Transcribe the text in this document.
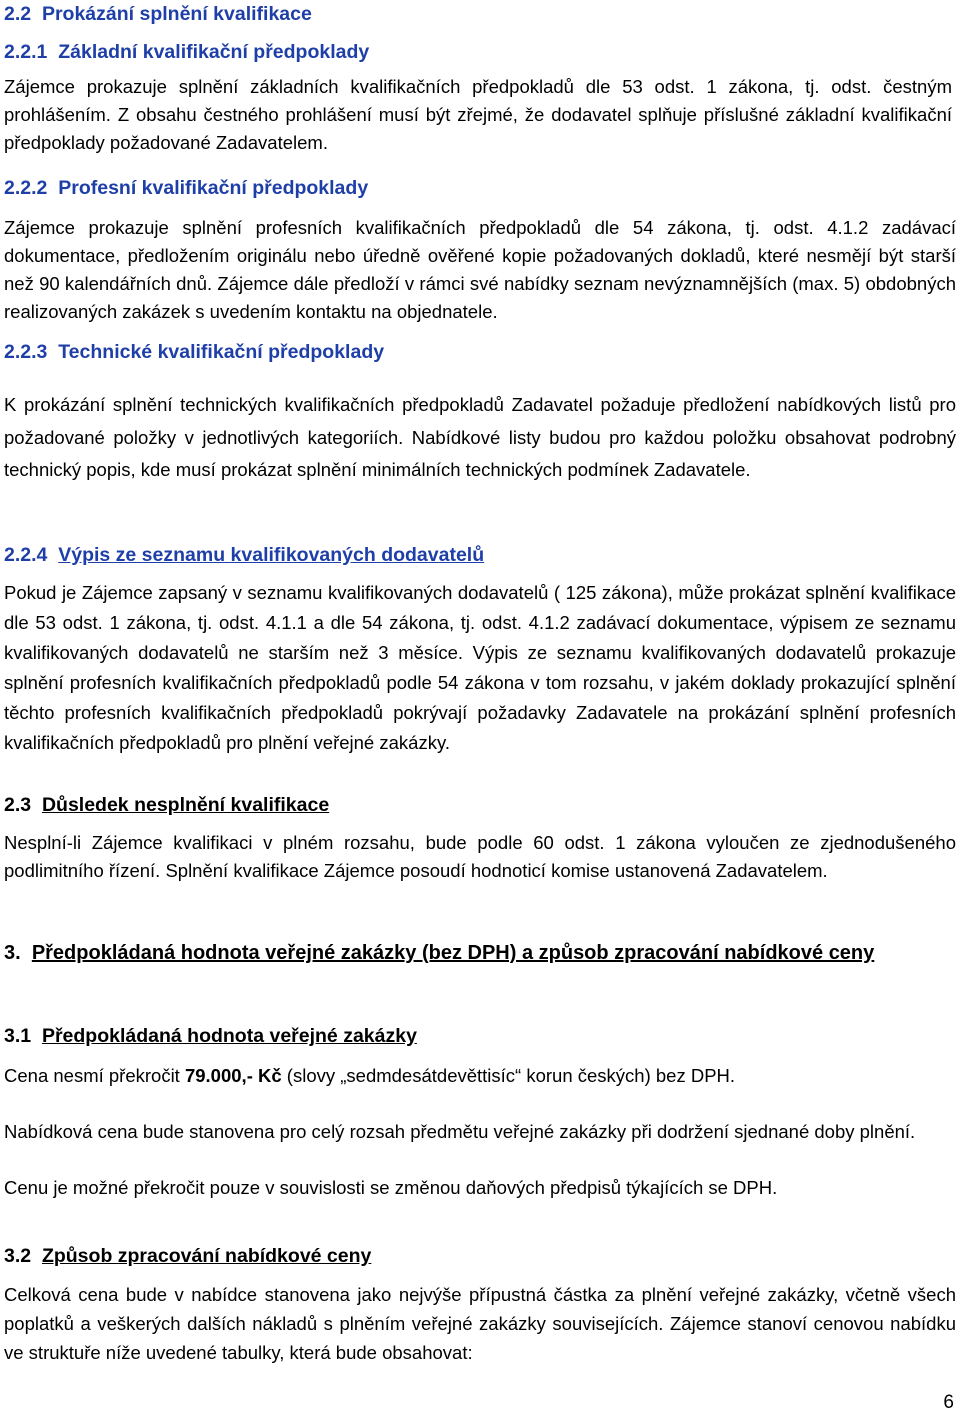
2.2 Prokázání splnění kvalifikace
2.2.1 Základní kvalifikační předpoklady

Zájemce prokazuje splnění základních kvalifikačních předpokladů dle 53 odst. 1 zákona, tj. odst. čestným prohlášením. Z obsahu čestného prohlášení musí být zřejmé, že dodavatel splňuje příslušné základní kvalifikační předpoklady požadované Zadavatelem.

2.2.2 Profesní kvalifikační předpoklady

Zájemce prokazuje splnění profesních kvalifikačních předpokladů dle 54 zákona, tj. odst. 4.1.2 zadávací dokumentace, předložením originálu nebo úředně ověřené kopie požadovaných dokladů, které nesmějí být starší než 90 kalendářních dnů. Zájemce dále předloží v rámci své nabídky seznam nevýznamnějších (max. 5) obdobných realizovaných zakázek s uvedením kontaktu na objednatele.

2.2.3 Technické kvalifikační předpoklady

K prokázání splnění technických kvalifikačních předpokladů Zadavatel požaduje předložení nabídkových listů pro požadované položky v jednotlivých kategoriích. Nabídkové listy budou pro každou položku obsahovat podrobný technický popis, kde musí prokázat splnění minimálních technických podmínek Zadavatele.

2.2.4 Výpis ze seznamu kvalifikovaných dodavatelů

Pokud je Zájemce zapsaný v seznamu kvalifikovaných dodavatelů ( 125 zákona), může prokázat splnění kvalifikace dle 53 odst. 1 zákona, tj. odst. 4.1.1 a dle 54 zákona, tj. odst. 4.1.2 zadávací dokumentace, výpisem ze seznamu kvalifikovaných dodavatelů ne starším než 3 měsíce. Výpis ze seznamu kvalifikovaných dodavatelů prokazuje splnění profesních kvalifikačních předpokladů podle 54 zákona v tom rozsahu, v jakém doklady prokazující splnění těchto profesních kvalifikačních předpokladů pokrývají požadavky Zadavatele na prokázání splnění profesních kvalifikačních předpokladů pro plnění veřejné zakázky.

2.3 Důsledek nesplnění kvalifikace

Nesplní-li Zájemce kvalifikaci v plném rozsahu, bude podle 60 odst. 1 zákona vyloučen ze zjednodušeného podlimitního řízení. Splnění kvalifikace Zájemce posoudí hodnoticí komise ustanovená Zadavatelem.

3. Předpokládaná hodnota veřejné zakázky (bez DPH) a způsob zpracování nabídkové ceny
3.1 Předpokládaná hodnota veřejné zakázky

Cena nesmí překročit 79.000,- Kč (slovy „sedmdesátdevěttisíc“ korun českých) bez DPH.

Nabídková cena bude stanovena pro celý rozsah předmětu veřejné zakázky při dodržení sjednané doby plnění.

Cenu je možné překročit pouze v souvislosti se změnou daňových předpisů týkajících se DPH.

3.2 Způsob zpracování nabídkové ceny

Celková cena bude v nabídce stanovena jako nejvýše přípustná částka za plnění veřejné zakázky, včetně všech poplatků a veškerých dalších nákladů s plněním veřejné zakázky souvisejících. Zájemce stanoví cenovou nabídku ve struktuře níže uvedené tabulky, která bude obsahovat:

6
